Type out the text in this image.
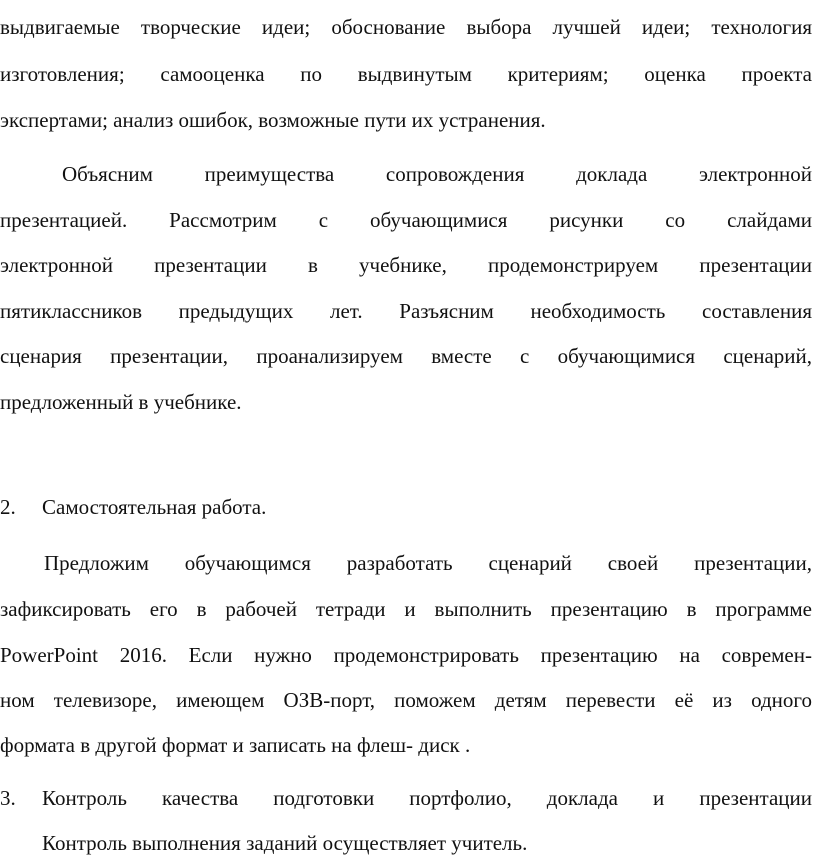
выдвигаемые творческие идеи; обоснование выбора лучшей идеи; технология
изготовления; самооценка по выдвинутым критериям; оценка проекта
экспертами; анализ ошибок, возможные пути их устранения.
Объясним преимущества сопровождения доклада электронной
презентацией. Рассмотрим с обучающимися рисунки со слайдами
электронной презентации в учебнике, продемонстрируем презентации
пятиклассников предыдущих лет. Разъясним необходимость составления
сценария презентации, проанализируем вместе с обучающимися сценарий,
предложенный в учебнике.
2. Самостоятельная работа.
Предложим обучающимся разработать сценарий своей презентации,
зафиксировать его в рабочей тетради и выполнить презентацию в программе
PowerPoint 2016. Если нужно продемонстрировать презентацию на современ-
ном телевизоре, имеющем ОЗВ-порт, поможем детям перевести её из одного
формата в другой формат и записать на флеш- диск .
3. Контроль качества подготовки портфолио, доклада и презентации
Контроль выполнения заданий осуществляет учитель.
